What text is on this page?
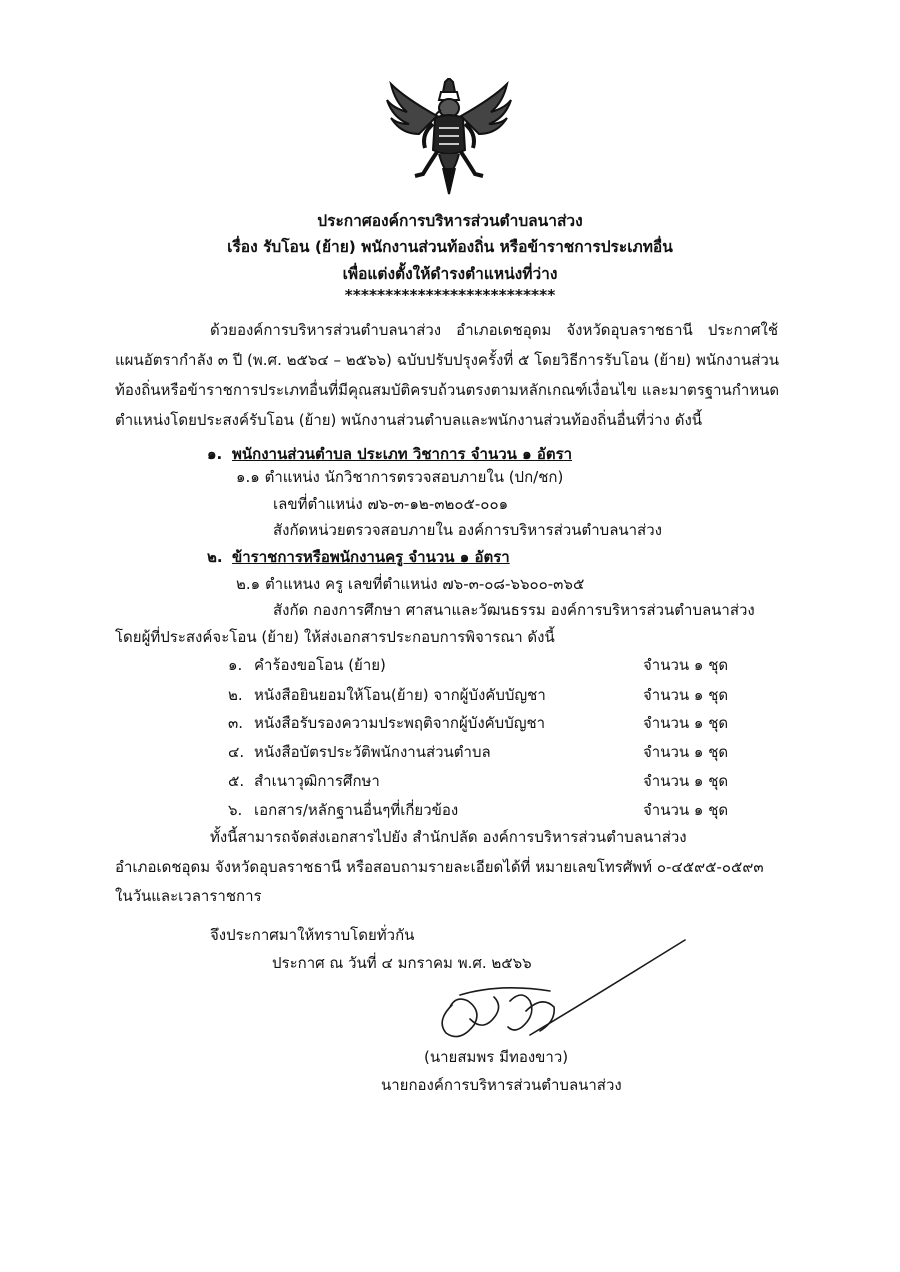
ประกาศองค์การบริหารส่วนตำบลนาส่วง
เรื่อง รับโอน (ย้าย) พนักงานส่วนท้องถิ่น หรือข้าราชการประเภทอื่น
เพื่อแต่งตั้งให้ดำรงตำแหน่งที่ว่าง
**************************
ด้วยองค์การบริหารส่วนตำบลนาส่วง อำเภอเดชอุดม จังหวัดอุบลราชธานี ประกาศใช้
แผนอัตรากำลัง ๓ ปี (พ.ศ. ๒๕๖๔ – ๒๕๖๖) ฉบับปรับปรุงครั้งที่ ๕ โดยวิธีการรับโอน (ย้าย) พนักงานส่วน
ท้องถิ่นหรือข้าราชการประเภทอื่นที่มีคุณสมบัติครบถ้วนตรงตามหลักเกณฑ์เงื่อนไข และมาตรฐานกำหนด
ตำแหน่งโดยประสงค์รับโอน (ย้าย) พนักงานส่วนตำบลและพนักงานส่วนท้องถิ่นอื่นที่ว่าง ดังนี้
๑. พนักงานส่วนตำบล ประเภท วิชาการ จำนวน ๑ อัตรา
๑.๑ ตำแหน่ง นักวิชาการตรวจสอบภายใน (ปก/ชก)
เลขที่ตำแหน่ง ๗๖-๓-๑๒-๓๒๐๕-๐๐๑
สังกัดหน่วยตรวจสอบภายใน องค์การบริหารส่วนตำบลนาส่วง
๒. ข้าราชการหรือพนักงานครู จำนวน ๑ อัตรา
๒.๑ ตำแหนง ครู เลขที่ตำแหน่ง ๗๖-๓-๐๘-๖๖๐๐-๓๖๕
สังกัด กองการศึกษา ศาสนาและวัฒนธรรม องค์การบริหารส่วนตำบลนาส่วง
โดยผู้ที่ประสงค์จะโอน (ย้าย) ให้ส่งเอกสารประกอบการพิจารณา ดังนี้
๑. คำร้องขอโอน (ย้าย)	จำนวน ๑ ชุด
๒. หนังสือยินยอมให้โอน(ย้าย) จากผู้บังคับบัญชา	จำนวน ๑ ชุด
๓. หนังสือรับรองความประพฤติจากผู้บังคับบัญชา	จำนวน ๑ ชุด
๔. หนังสือบัตรประวัติพนักงานส่วนตำบล	จำนวน ๑ ชุด
๕. สำเนาวุฒิการศึกษา	จำนวน ๑ ชุด
๖. เอกสาร/หลักฐานอื่นๆที่เกี่ยวข้อง	จำนวน ๑ ชุด
ทั้งนี้สามารถจัดส่งเอกสารไปยัง สำนักปลัด องค์การบริหารส่วนตำบลนาส่วง
อำเภอเดชอุดม จังหวัดอุบลราชธานี หรือสอบถามรายละเอียดได้ที่ หมายเลขโทรศัพท์ ๐-๔๕๙๕-๐๕๙๓
ในวันและเวลาราชการ
จึงประกาศมาให้ทราบโดยทั่วกัน
ประกาศ ณ วันที่ ๔ มกราคม พ.ศ. ๒๕๖๖
(นายสมพร มีทองขาว)
นายกองค์การบริหารส่วนตำบลนาส่วง
